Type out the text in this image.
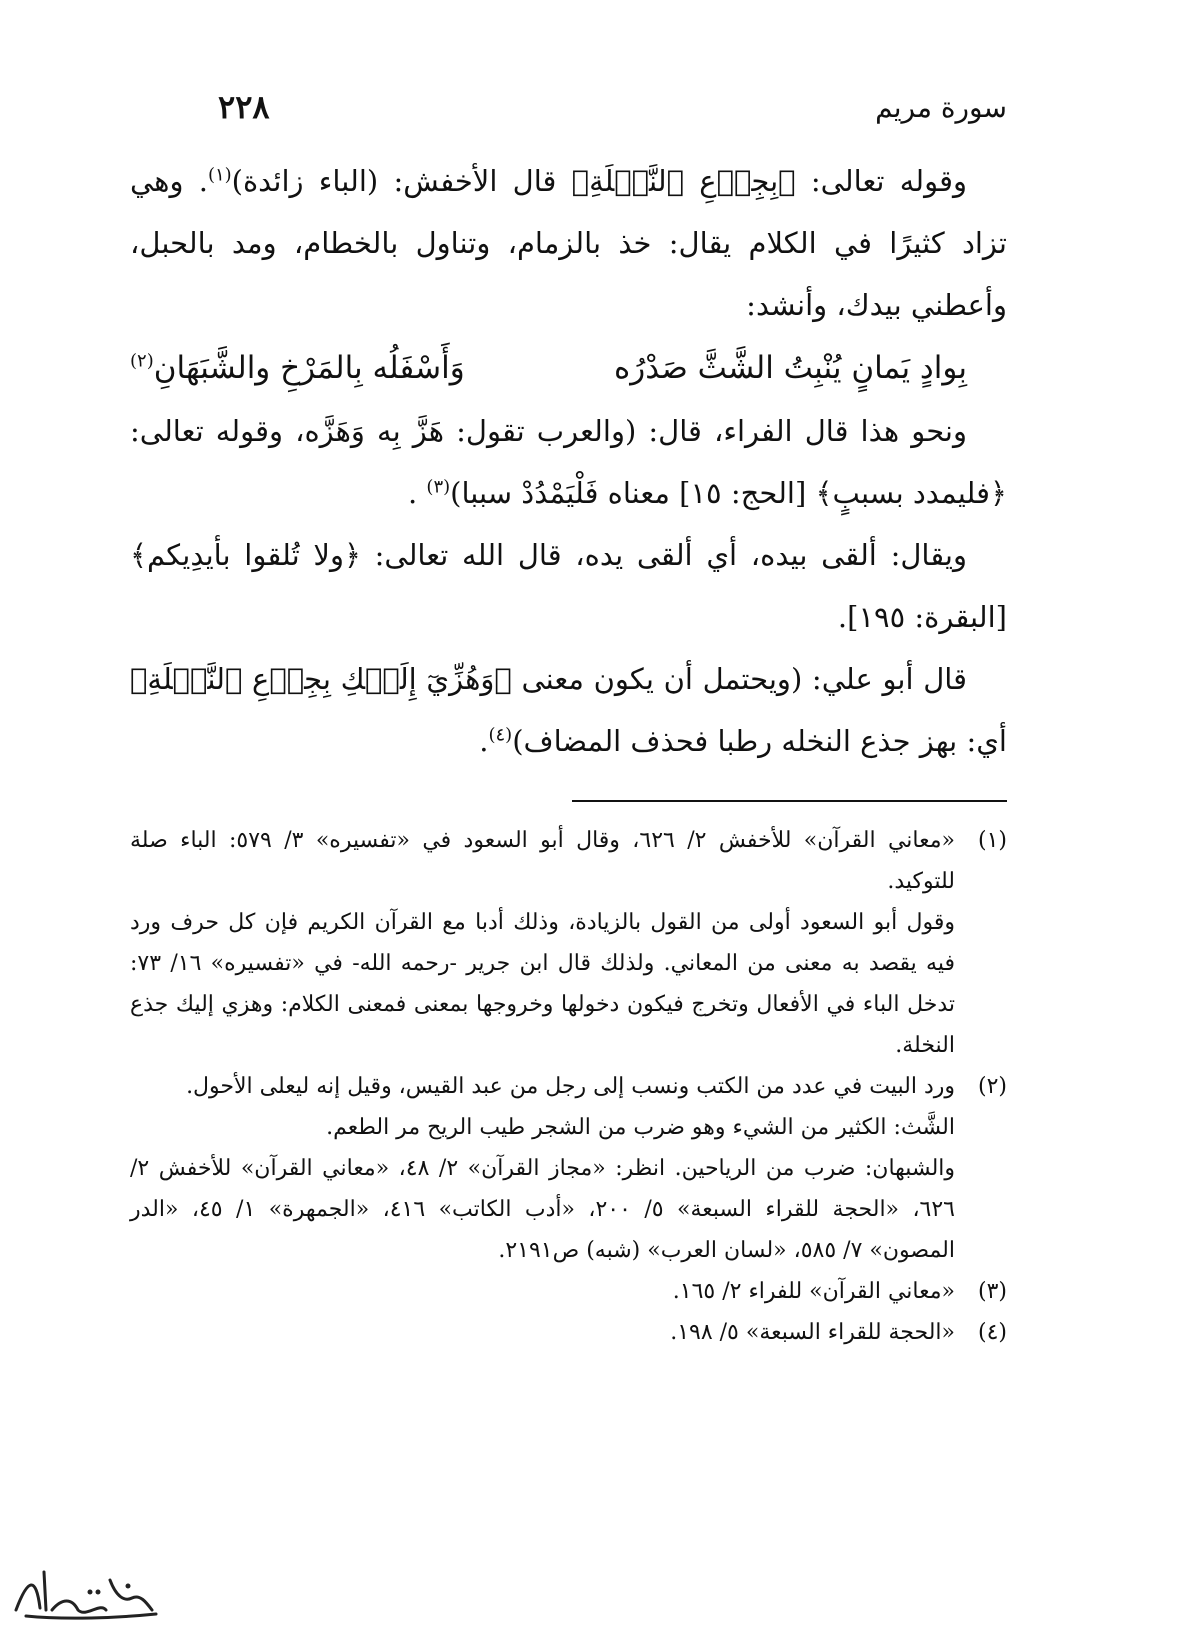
سورة مريم
٢٢٨

وقوله تعالى: ﴿بِجِذۡعِ ٱلنَّخۡلَةِ﴾ قال الأخفش: (الباء زائدة)$^{(١)}$. وهي تزاد كثيرًا في الكلام يقال: خذ بالزمام، وتناول بالخطام، ومد بالحبل، وأعطني بيدك، وأنشد:

بِوادٍ يَمانٍ يُنْبِتُ الشَّثَّ صَدْرُه
وَأَسْفَلُه بِالمَرْخِ والشَّبَهَانِ$^{(٢)}$

ونحو هذا قال الفراء، قال: (والعرب تقول: هَزَّ بِه وَهَزَّه، وقوله تعالى: ﴿فليمدد بسببٍ﴾ [الحج: ١٥] معناه فَلْيَمْدُدْ سببا)$^{(٣)}$ .

ويقال: ألقى بيده، أي ألقى يده، قال الله تعالى: ﴿ولا تُلقوا بأيدِيكم﴾ [البقرة: ١٩٥].

قال أبو علي: (ويحتمل أن يكون معنى ﴿وَهُزِّيٓ إِلَيۡكِ بِجِذۡعِ ٱلنَّخۡلَةِ﴾ أي: بهز جذع النخله رطبا فحذف المضاف)$^{(٤)}$.

(١)

«معاني القرآن» للأخفش ٢/ ٦٢٦، وقال أبو السعود في «تفسيره» ٣/ ٥٧٩: الباء صلة للتوكيد.

وقول أبو السعود أولى من القول بالزيادة، وذلك أدبا مع القرآن الكريم فإن كل حرف ورد فيه يقصد به معنى من المعاني. ولذلك قال ابن جرير -رحمه الله- في «تفسيره» ١٦/ ٧٣: تدخل الباء في الأفعال وتخرج فيكون دخولها وخروجها بمعنى فمعنى الكلام: وهزي إليك جذع النخلة.

(٢)

ورد البيت في عدد من الكتب ونسب إلى رجل من عبد القيس، وقيل إنه ليعلى الأحول.

الشَّث: الكثير من الشيء وهو ضرب من الشجر طيب الريح مر الطعم.

والشبهان: ضرب من الرياحين. انظر: «مجاز القرآن» ٢/ ٤٨، «معاني القرآن» للأخفش ٢/ ٦٢٦، «الحجة للقراء السبعة» ٥/ ٢٠٠، «أدب الكاتب» ٤١٦، «الجمهرة» ١/ ٤٥، «الدر المصون» ٧/ ٥٨٥، «لسان العرب» (شبه) ص٢١٩١.

(٣)

«معاني القرآن» للفراء ٢/ ١٦٥.

(٤)

«الحجة للقراء السبعة» ٥/ ١٩٨.
